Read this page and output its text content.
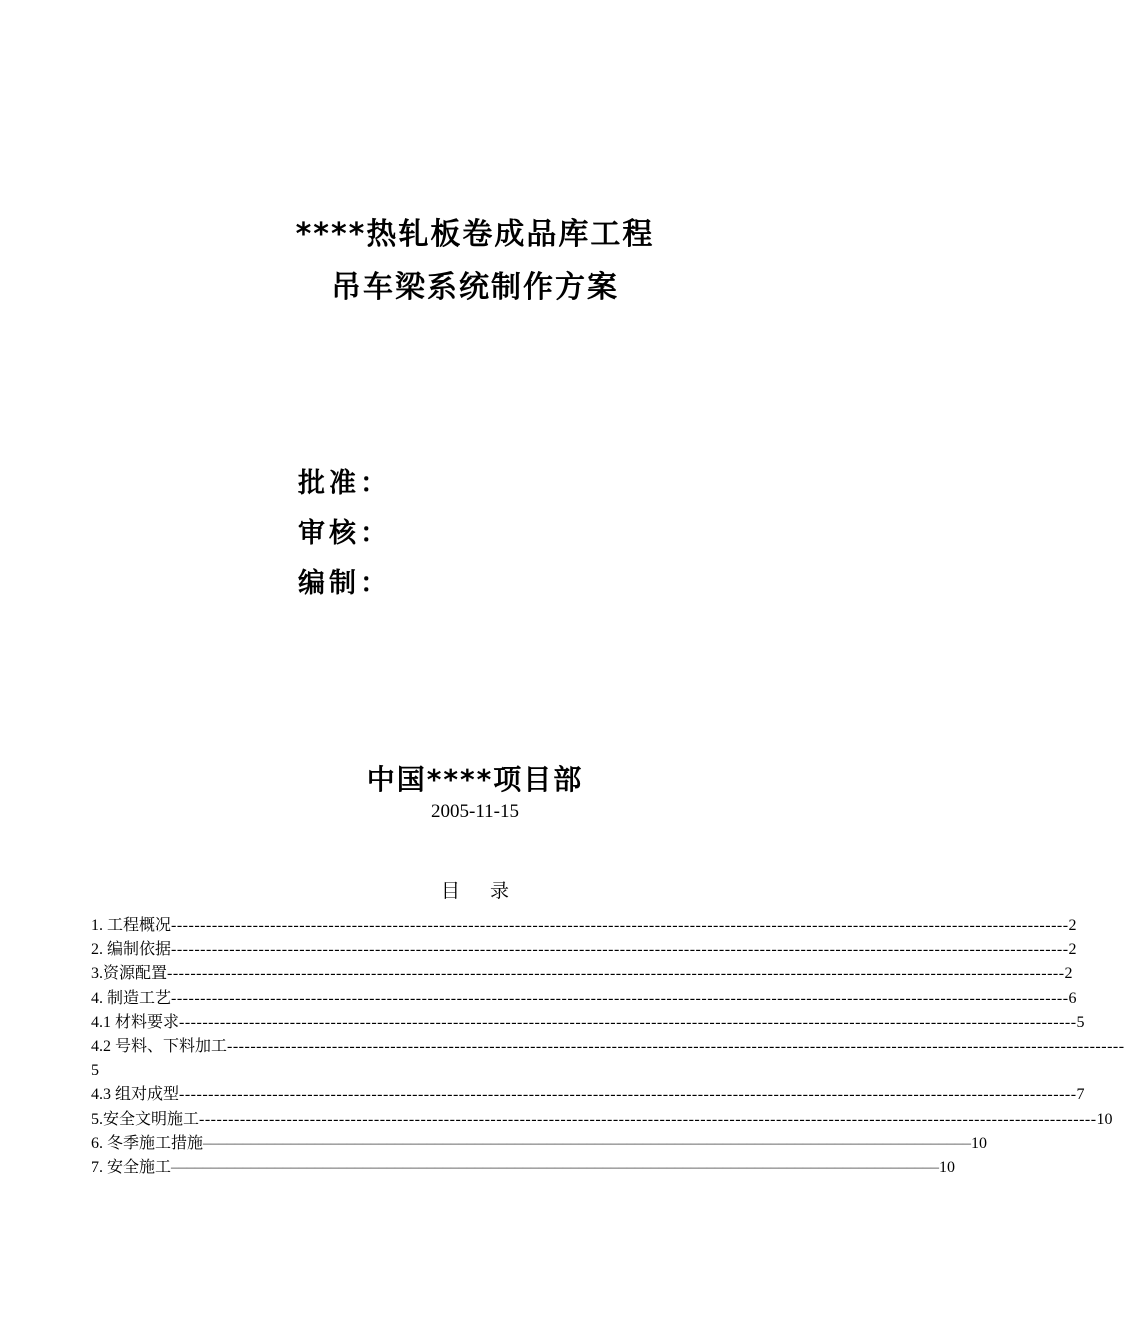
****热轧板卷成品库工程
吊车梁系统制作方案
批准：
审核：
编制：
中国****项目部
2005-11-15
目录
1. 工程概况 ---------------------------------------------------------------------------------------------------------------------------------------------------------- 2
2. 编制依据 ---------------------------------------------------------------------------------------------------------------------------------------------------------- 2
3.资源配置 ---------------------------------------------------------------------------------------------------------------------------------------------------------- 2
4. 制造工艺 ---------------------------------------------------------------------------------------------------------------------------------------------------------- 6
4.1 材料要求 ---------------------------------------------------------------------------------------------------------------------------------------------------------- 5
4.2 号料、下料加工----------------------------------------------------------------------------------------------------------------------------------------------------------
5
4.3 组对成型 ---------------------------------------------------------------------------------------------------------------------------------------------------------- 7
5.安全文明施工 ---------------------------------------------------------------------------------------------------------------------------------------------------------- 10
6. 冬季施工措施 –––––––––––––––––––––––––––––––––––––––––––––––––––––––––––––––––––––––––––––––––––––––––––––––– 10
7. 安全施工 –––––––––––––––––––––––––––––––––––––––––––––––––––––––––––––––––––––––––––––––––––––––––––––––– 10
